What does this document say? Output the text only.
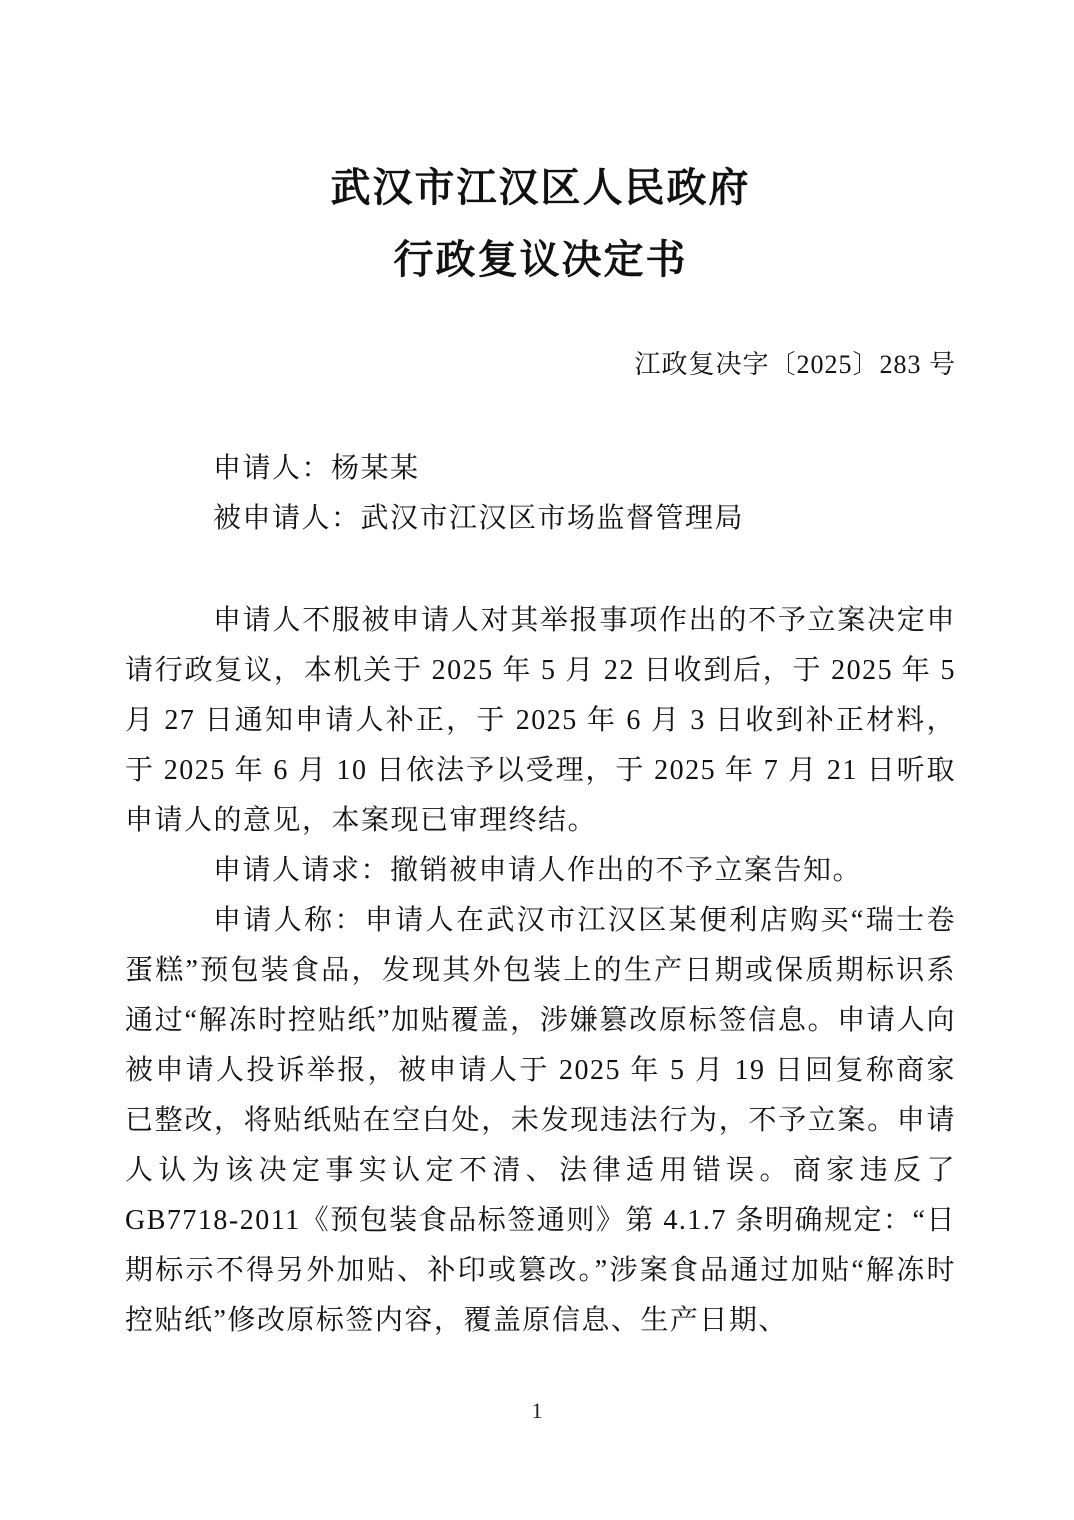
武汉市江汉区人民政府
行政复议决定书
江政复决字〔2025〕283 号
申请人：杨某某
被申请人：武汉市江汉区市场监督管理局

申请人不服被申请人对其举报事项作出的不予立案决定申请行政复议，本机关于 2025 年 5 月 22 日收到后，于 2025 年 5 月 27 日通知申请人补正，于 2025 年 6 月 3 日收到补正材料，于 2025 年 6 月 10 日依法予以受理，于 2025 年 7 月 21 日听取申请人的意见，本案现已审理终结。

申请人请求：撤销被申请人作出的不予立案告知。

申请人称：申请人在武汉市江汉区某便利店购买“瑞士卷蛋糕”预包装食品，发现其外包装上的生产日期或保质期标识系通过“解冻时控贴纸”加贴覆盖，涉嫌篡改原标签信息。申请人向被申请人投诉举报，被申请人于 2025 年 5 月 19 日回复称商家已整改，将贴纸贴在空白处，未发现违法行为，不予立案。申请人认为该决定事实认定不清、法律适用错误。商家违反了 GB7718-2011《预包装食品标签通则》第 4.1.7 条明确规定：“日期标示不得另外加贴、补印或篡改。”涉案食品通过加贴“解冻时控贴纸”修改原标签内容，覆盖原信息、生产日期、

1
